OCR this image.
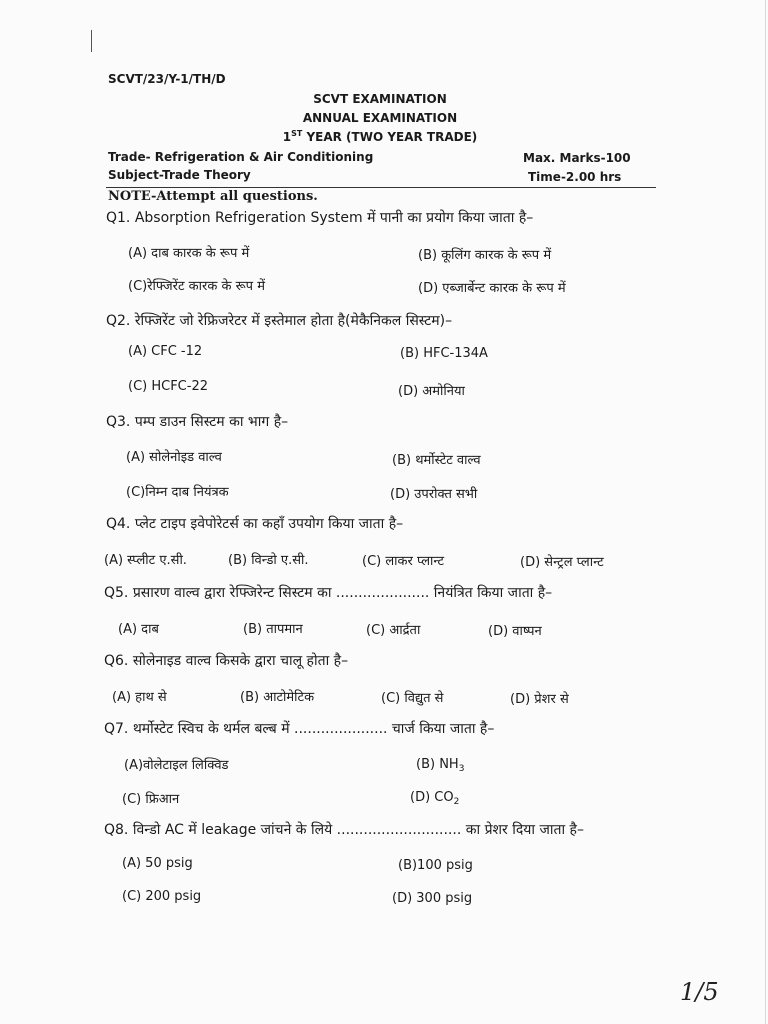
SCVT/23/Y-1/TH/D
SCVT EXAMINATION
ANNUAL EXAMINATION
1ST YEAR (TWO YEAR TRADE)
Trade- Refrigeration & Air Conditioning	Max. Marks-100
Subject-Trade Theory	Time-2.00 hrs
NOTE-Attempt all questions.
Q1. Absorption Refrigeration System में पानी का प्रयोग किया जाता है–
(A) दाब कारक के रूप में	(B) कूलिंग कारक के रूप में
(C)रेफ्जिरेंट कारक के रूप में	(D) एब्जार्बेन्ट कारक के रूप में
Q2. रेफ्जिरेंट जो रेफ्रिजरेटर में इस्तेमाल होता है(मेकैनिकल सिस्टम)–
(A) CFC -12	(B) HFC-134A
(C) HCFC-22	(D) अमोनिया
Q3. पम्प डाउन सिस्टम का भाग है–
(A) सोलेनोइड वाल्व	(B) थर्मोस्टेट वाल्व
(C)निम्न दाब नियंत्रक	(D) उपरोक्त सभी
Q4. प्लेट टाइप इवेपोरेटर्स का कहॉं उपयोग किया जाता है–
(A) स्प्लीट ए.सी.	(B) विन्डो ए.सी.	(C) लाकर प्लान्ट	(D) सेन्ट्रल प्लान्ट
Q5. प्रसारण वाल्व द्वारा रेफ्जिरेन्ट सिस्टम का ..................... नियंत्रित किया जाता है–
(A) दाब	(B) तापमान	(C) आर्द्रता	(D) वाष्पन
Q6. सोलेनाइड वाल्व किसके द्वारा चालू होता है–
(A) हाथ से	(B) आटोमेटिक	(C) विद्युत से	(D) प्रेशर से
Q7. थर्मोस्टेट स्विच के थर्मल बल्ब में ..................... चार्ज किया जाता है–
(A)वोलेटाइल लिक्विड	(B) $NH_3$
(C) फ्रिआन	(D) $CO_2$
Q8. विन्डो AC में leakage जांचने के लिये ............................ का प्रेशर दिया जाता है–
(A) 50 psig	(B)100 psig
(C) 200 psig	(D) 300 psig
1/5
